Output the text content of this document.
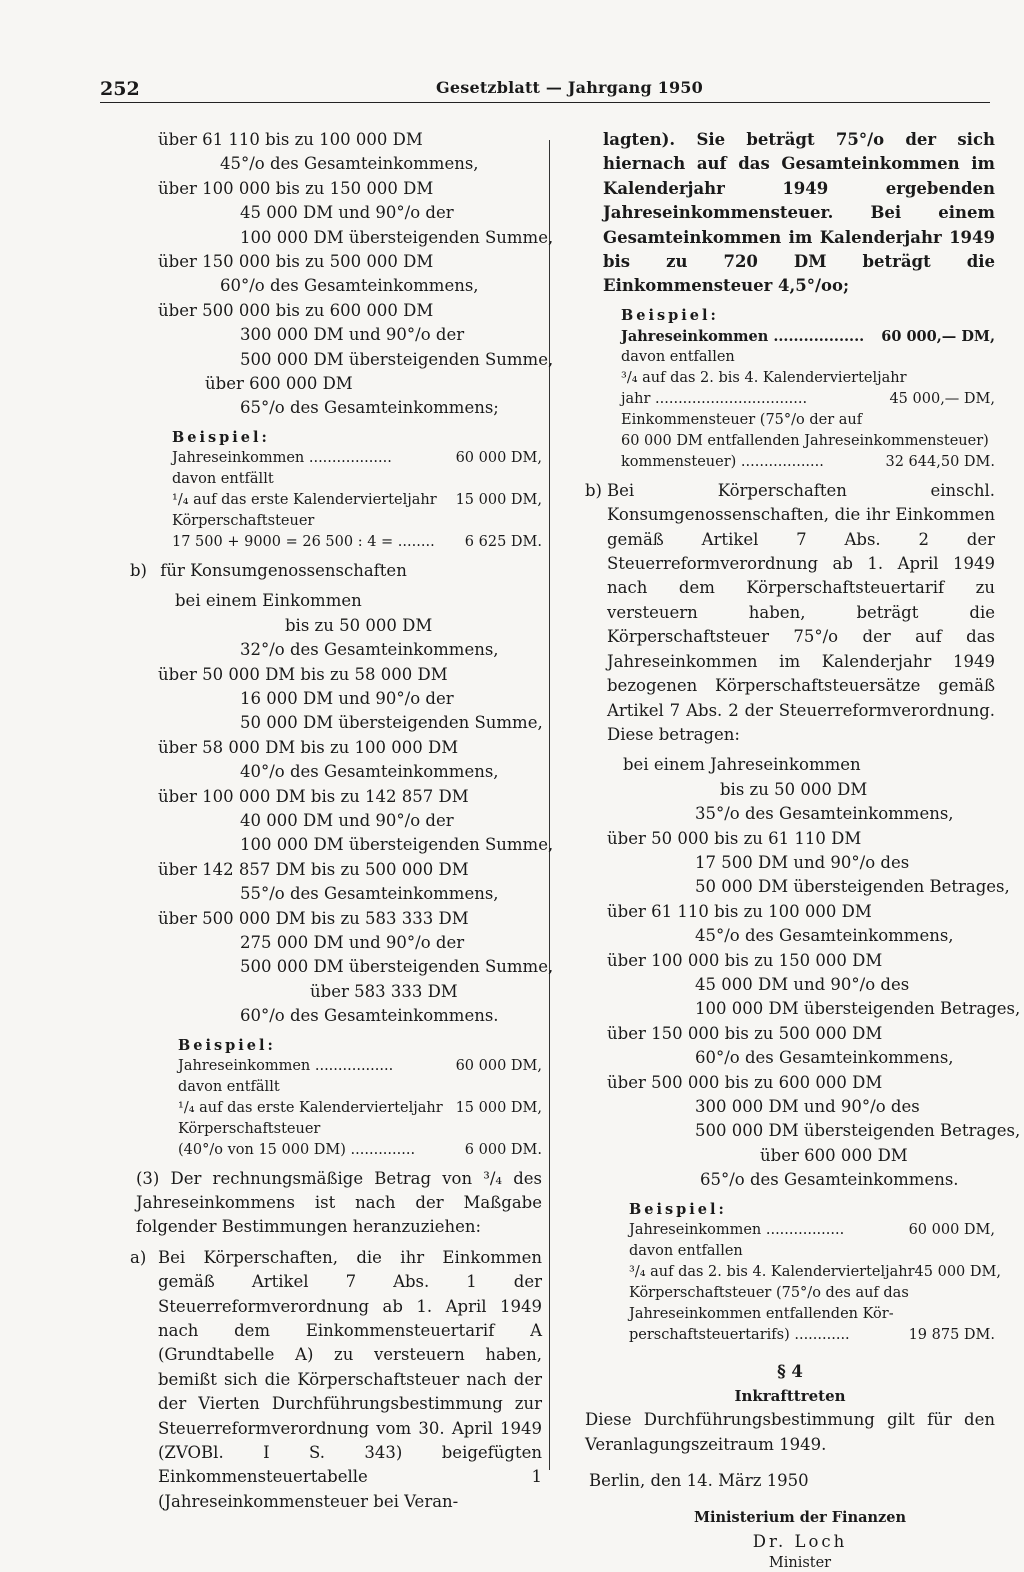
252	Gesetzblatt — Jahrgang 1950
über 61 110 bis zu 100 000 DM
45°/o des Gesamteinkommens,
über 100 000 bis zu 150 000 DM
45 000 DM und 90°/o der
100 000 DM übersteigenden Summe,
über 150 000 bis zu 500 000 DM
60°/o des Gesamteinkommens,
über 500 000 bis zu 600 000 DM
300 000 DM und 90°/o der
500 000 DM übersteigenden Summe,
über 600 000 DM
65°/o des Gesamteinkommens;
Beispiel:
Jahreseinkommen ..................	60 000 DM,
davon entfällt
¹/₄ auf das erste Kalendervierteljahr 15 000 DM,
Körperschaftsteuer
17 500 + 9000 = 26 500 : 4 = ........ 6 625 DM.
b) für Konsumgenossenschaften
bei einem Einkommen
bis zu 50 000 DM
32°/o des Gesamteinkommens,
über 50 000 DM bis zu 58 000 DM
16 000 DM und 90°/o der
50 000 DM übersteigenden Summe,
über 58 000 DM bis zu 100 000 DM
40°/o des Gesamteinkommens,
über 100 000 DM bis zu 142 857 DM
40 000 DM und 90°/o der
100 000 DM übersteigenden Summe,
über 142 857 DM bis zu 500 000 DM
55°/o des Gesamteinkommens,
über 500 000 DM bis zu 583 333 DM
275 000 DM und 90°/o der
500 000 DM übersteigenden Summe,
über 583 333 DM
60°/o des Gesamteinkommens.
Beispiel:
Jahreseinkommen .................	60 000 DM,
davon entfällt
¹/₄ auf das erste Kalendervierteljahr 15 000 DM,
Körperschaftsteuer
(40°/o von 15 000 DM) ..............	6 000 DM.
(3) Der rechnungsmäßige Betrag von ³/₄ des Jahreseinkommens ist nach der Maßgabe folgender Bestimmungen heranzuziehen:
a) Bei Körperschaften, die ihr Einkommen gemäß Artikel 7 Abs. 1 der Steuerreformverordnung ab 1. April 1949 nach dem Einkommensteuertarif A (Grundtabelle A) zu versteuern haben, bemißt sich die Körperschaftsteuer nach der der Vierten Durchführungsbestimmung zur Steuerreformverordnung vom 30. April 1949 (ZVOBl. I S. 343) beigefügten Einkommensteuertabelle 1 (Jahreseinkommensteuer bei Veran-
lagten). Sie beträgt 75°/o der sich hiernach auf das Gesamteinkommen im Kalenderjahr 1949 ergebenden Jahreseinkommensteuer. Bei einem Gesamteinkommen im Kalenderjahr 1949 bis zu 720 DM beträgt die Einkommensteuer 4,5°/oo;
Beispiel:
Jahreseinkommen .................. 60 000,— DM,
davon entfallen
³/₄ auf das 2. bis 4. Kalendervierteljahr
jahr .................................	45 000,— DM,
Einkommensteuer (75°/o der auf
60 000 DM entfallenden Jahreseinkommensteuer)
kommensteuer) ..................	32 644,50 DM.
b) Bei Körperschaften einschl. Konsumgenossenschaften, die ihr Einkommen gemäß Artikel 7 Abs. 2 der Steuerreformverordnung ab 1. April 1949 nach dem Körperschaftsteuertarif zu versteuern haben, beträgt die Körperschaftsteuer 75°/o der auf das Jahreseinkommen im Kalenderjahr 1949 bezogenen Körperschaftsteuersätze gemäß Artikel 7 Abs. 2 der Steuerreformverordnung. Diese betragen:
bei einem Jahreseinkommen
bis zu 50 000 DM
35°/o des Gesamteinkommens,
über 50 000 bis zu 61 110 DM
17 500 DM und 90°/o des
50 000 DM übersteigenden Betrages,
über 61 110 bis zu 100 000 DM
45°/o des Gesamteinkommens,
über 100 000 bis zu 150 000 DM
45 000 DM und 90°/o des
100 000 DM übersteigenden Betrages,
über 150 000 bis zu 500 000 DM
60°/o des Gesamteinkommens,
über 500 000 bis zu 600 000 DM
300 000 DM und 90°/o des
500 000 DM übersteigenden Betrages,
über 600 000 DM
65°/o des Gesamteinkommens.
Beispiel:
Jahreseinkommen .................	60 000 DM,
davon entfallen
³/₄ auf das 2. bis 4. Kalendervierteljahr 45 000 DM,
Körperschaftsteuer (75°/o des auf das
Jahreseinkommen entfallenden Kör-
perschaftsteuertarifs) ............	19 875 DM.
§ 4
Inkrafttreten
Diese Durchführungsbestimmung gilt für den Veranlagungszeitraum 1949.
Berlin, den 14. März 1950
Ministerium der Finanzen
Dr. Loch
Minister
